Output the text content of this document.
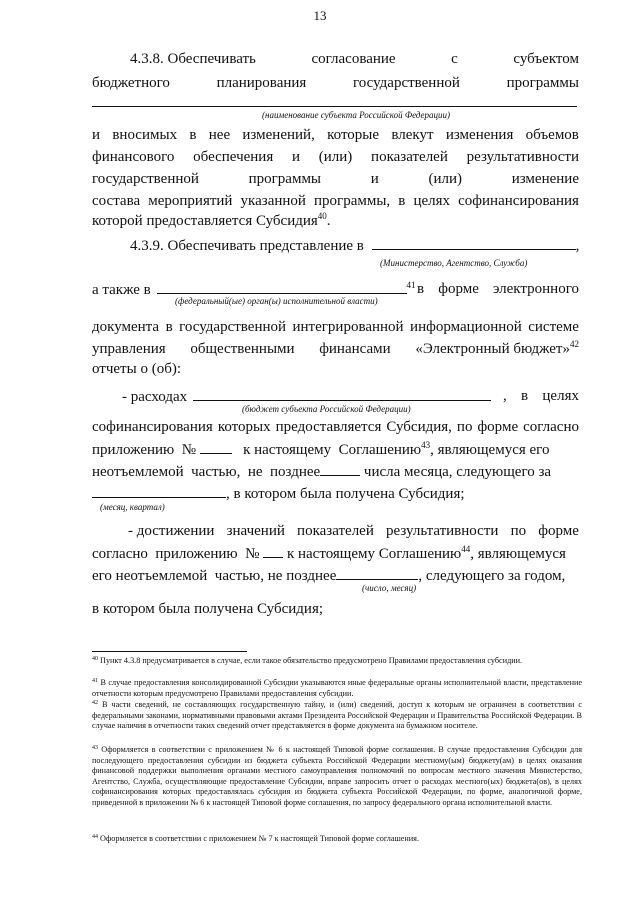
13
4.3.8. Обеспечивать	согласование	с	субъектом
бюджетного	планирования	государственной	программы
(наименование субъекта Российской Федерации)
и вносимых в нее изменений, которые влекут изменения объемов
финансового обеспечения и (или) показателей результативности
государственной	программы	и	(или)	изменение
состава мероприятий указанной программы, в целях софинансирования
которой предоставляется Субсидия$^{40}$.
4.3.9. Обеспечивать представление в	,
(Министерство, Агентство, Служба)
а также в	$^{41}$ в форме электронного
(федеральный(ые) орган(ы) исполнительной власти)
документа в государственной интегрированной информационной системе
управления общественными финансами «Электронный бюджет»$^{42}$
отчеты о (об):
- расходах	, в целях
(бюджет субъекта Российской Федерации)
софинансирования которых предоставляется Субсидия, по форме согласно
приложению  №	к настоящему  Соглашению$^{43}$, являющемуся его
неотъемлемой  частью,  не  позднее	числа месяца, следующего за
, в котором была получена Субсидия;
(месяц, квартал)
- достижении значений показателей результативности по форме
согласно  приложению  № к настоящему Соглашению$^{44}$, являющемуся
его неотъемлемой  частью, не позднее	, следующего за годом,
(число, месяц)
в котором была получена Субсидия;
$^{40}$ Пункт 4.3.8 предусматривается в случае, если такое обязательство предусмотрено Правилами предоставления субсидии.
$^{41}$ В случае предоставления консолидированной Субсидии указываются иные федеральные органы исполнительной власти, представление отчетности которым предусмотрено Правилами предоставления субсидии.
$^{42}$ В части сведений, не составляющих государственную тайну, и (или) сведений, доступ к которым не ограничен в соответствии с федеральными законами, нормативными правовыми актами Президента Российской Федерации и Правительства Российской Федерации. В случае наличия в отчетности таких сведений отчет представляется в форме документа на бумажном носителе.
$^{43}$ Оформляется в соответствии с приложением № 6 к настоящей Типовой форме соглашения. В случае предоставления Субсидии для последующего предоставления субсидии из бюджета субъекта Российской Федерации местному(ым) бюджету(ам) в целях оказания финансовой поддержки выполнения органами местного самоуправления полномочий по вопросам местного значения Министерство, Агентство, Служба, осуществляющие предоставление Субсидии, вправе запросить отчет о расходах местного(ых) бюджета(ов), в целях софинансирования которых предоставлялась субсидия из бюджета субъекта Российской Федерации, по форме, аналогичной форме, приведенной в приложении № 6 к настоящей Типовой форме соглашения, по запросу федерального органа исполнительной власти.
$^{44}$ Оформляется в соответствии с приложением № 7 к настоящей Типовой форме соглашения.
